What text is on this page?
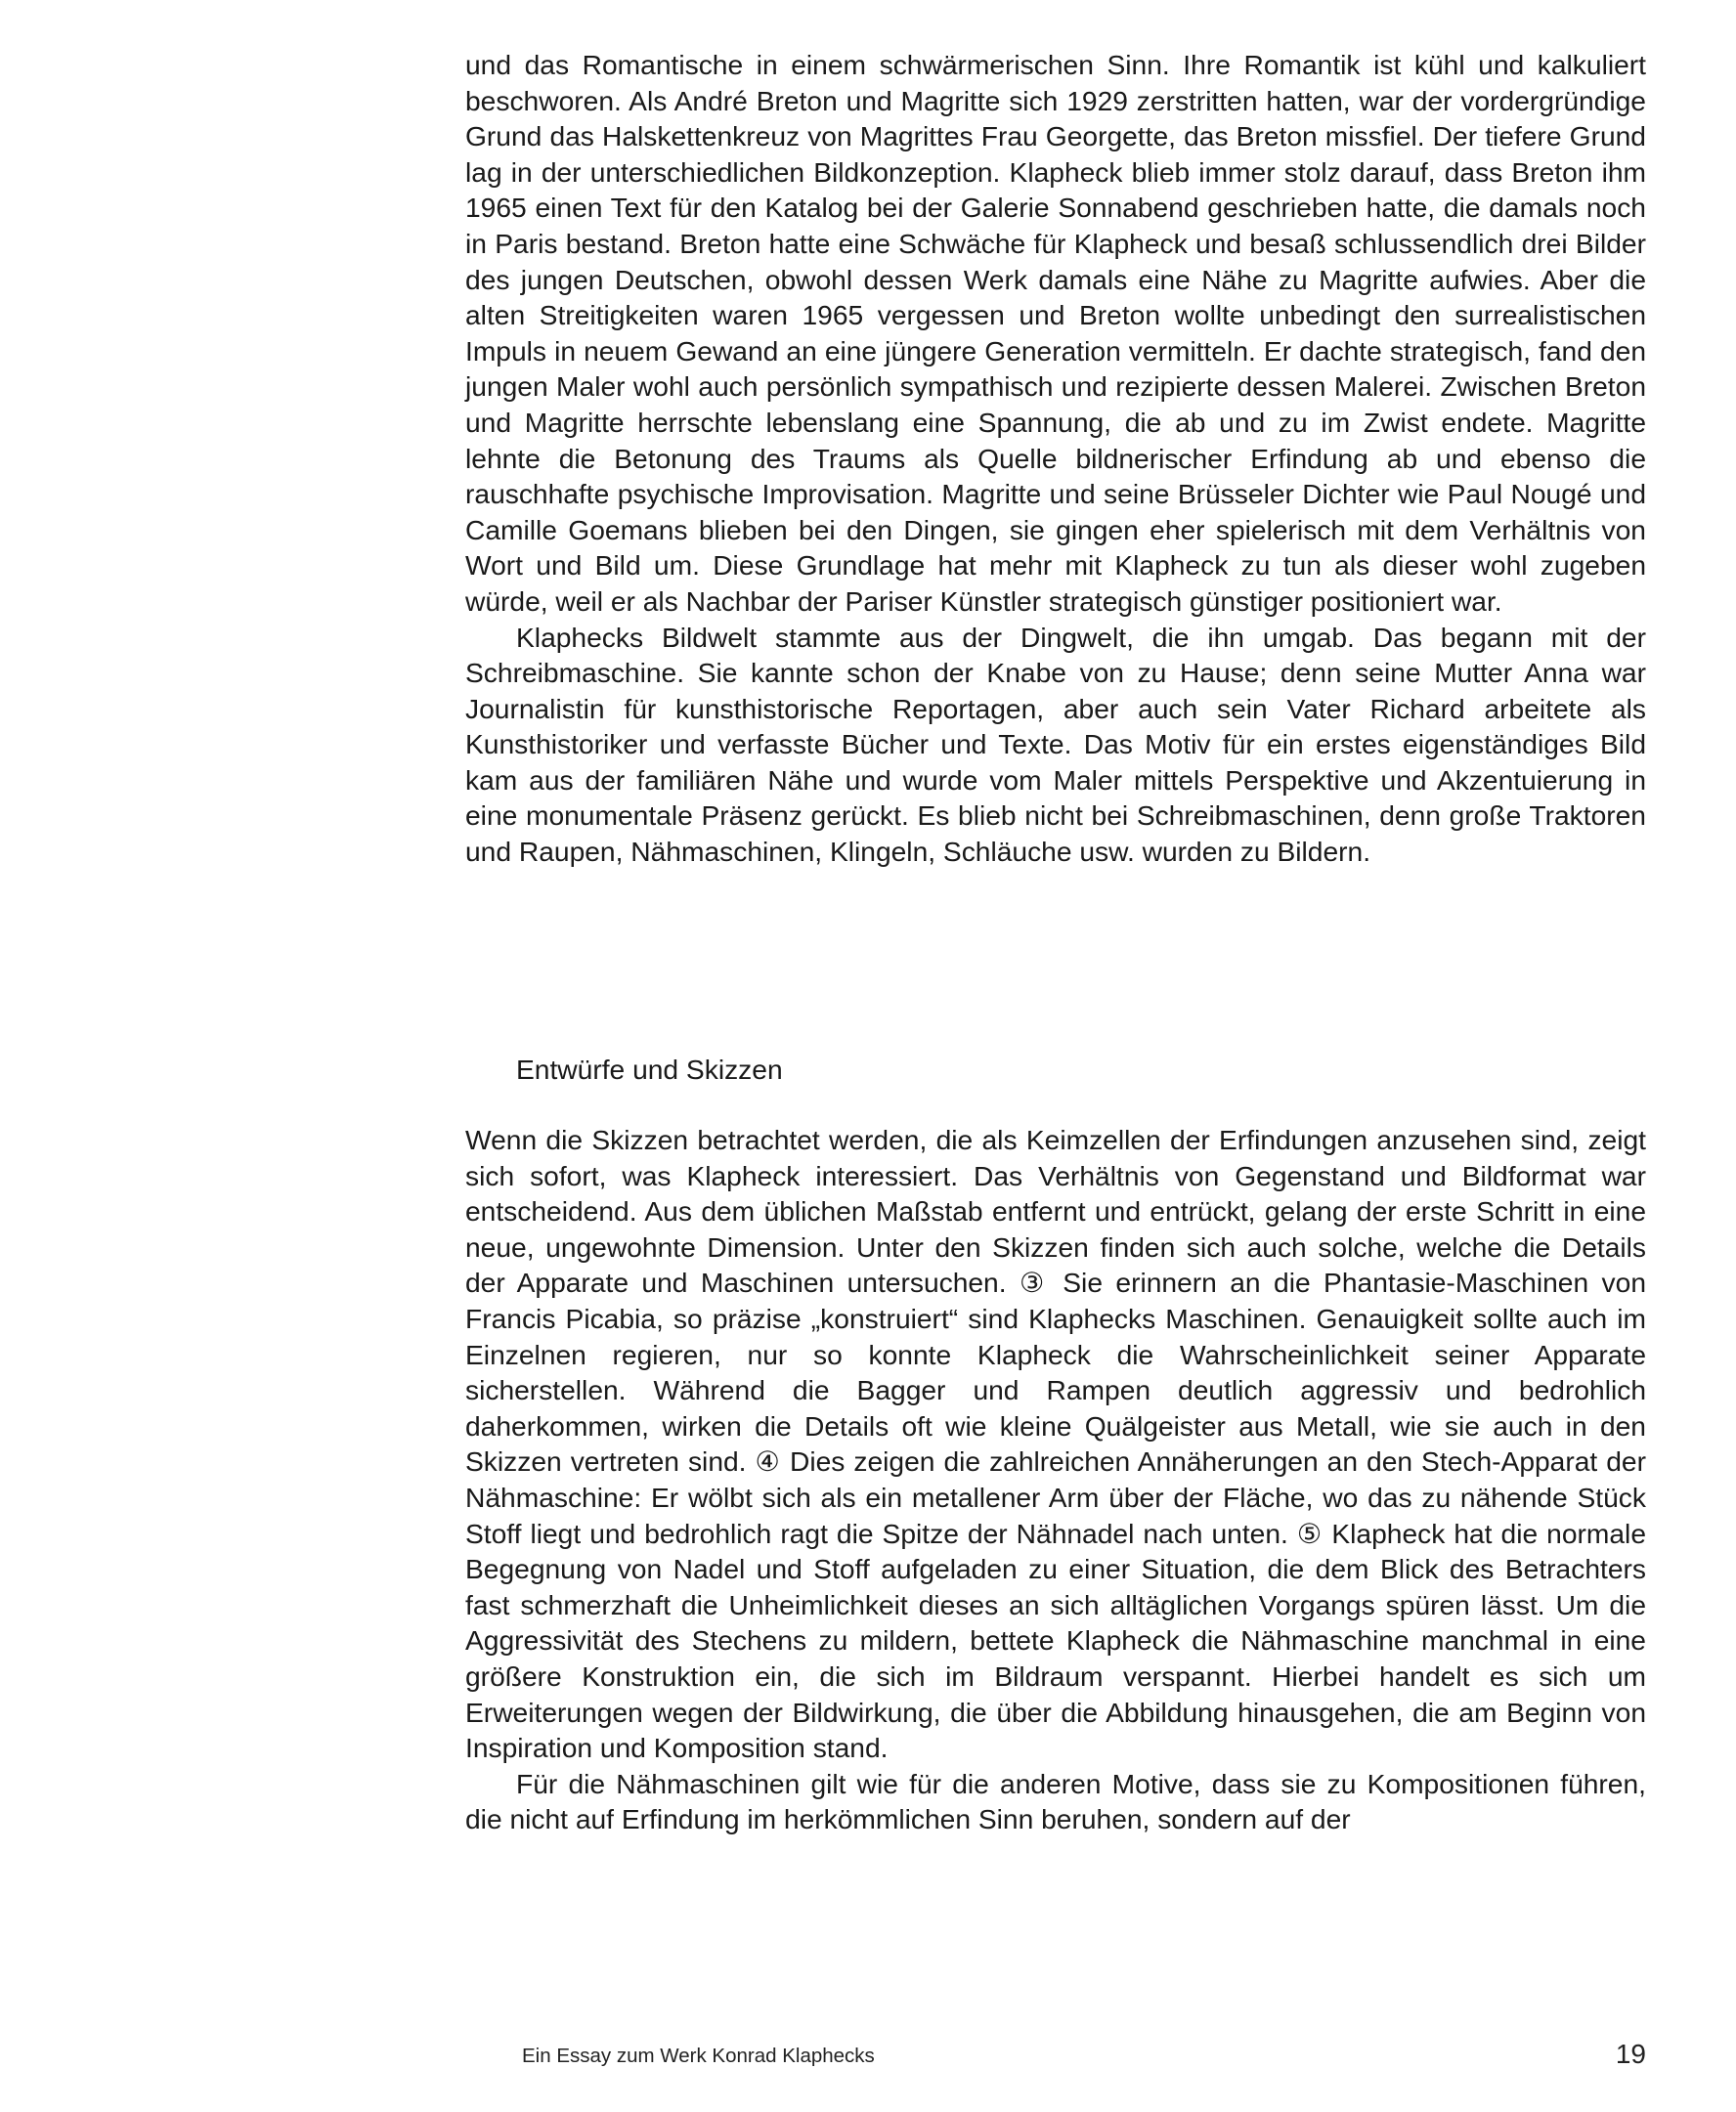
und das Romantische in einem schwärmerischen Sinn. Ihre Romantik ist kühl und kalkuliert beschworen. Als André Breton und Magritte sich 1929 zerstritten hatten, war der vordergründige Grund das Halskettenkreuz von Magrittes Frau Georgette, das Breton missfiel. Der tiefere Grund lag in der unterschiedlichen Bildkonzeption. Klapheck blieb immer stolz darauf, dass Breton ihm 1965 einen Text für den Katalog bei der Galerie Sonnabend geschrieben hatte, die damals noch in Paris bestand. Breton hatte eine Schwäche für Klapheck und besaß schlussendlich drei Bilder des jungen Deutschen, obwohl dessen Werk damals eine Nähe zu Magritte aufwies. Aber die alten Streitigkeiten waren 1965 vergessen und Breton wollte unbedingt den surrealistischen Impuls in neuem Gewand an eine jüngere Generation vermitteln. Er dachte strategisch, fand den jungen Maler wohl auch persönlich sympathisch und rezipierte dessen Malerei. Zwischen Breton und Magritte herrschte lebenslang eine Spannung, die ab und zu im Zwist endete. Magritte lehnte die Betonung des Traums als Quelle bildnerischer Erfindung ab und ebenso die rauschhafte psychische Improvisation. Magritte und seine Brüsseler Dichter wie Paul Nougé und Camille Goemans blieben bei den Dingen, sie gingen eher spielerisch mit dem Verhältnis von Wort und Bild um. Diese Grundlage hat mehr mit Klapheck zu tun als dieser wohl zugeben würde, weil er als Nachbar der Pariser Künstler strategisch günstiger positioniert war.

Klaphecks Bildwelt stammte aus der Dingwelt, die ihn umgab. Das begann mit der Schreibmaschine. Sie kannte schon der Knabe von zu Hause; denn seine Mutter Anna war Journalistin für kunsthistorische Reportagen, aber auch sein Vater Richard arbeitete als Kunsthistoriker und verfasste Bücher und Texte. Das Motiv für ein erstes eigenständiges Bild kam aus der familiären Nähe und wurde vom Maler mittels Perspektive und Akzentuierung in eine monumentale Präsenz gerückt. Es blieb nicht bei Schreibmaschinen, denn große Traktoren und Raupen, Nähmaschinen, Klingeln, Schläuche usw. wurden zu Bildern.

Entwürfe und Skizzen

Wenn die Skizzen betrachtet werden, die als Keimzellen der Erfindungen anzusehen sind, zeigt sich sofort, was Klapheck interessiert. Das Verhältnis von Gegenstand und Bildformat war entscheidend. Aus dem üblichen Maßstab entfernt und entrückt, gelang der erste Schritt in eine neue, ungewohnte Dimension. Unter den Skizzen finden sich auch solche, welche die Details der Apparate und Maschinen untersuchen. ③ Sie erinnern an die Phantasie-Maschinen von Francis Picabia, so präzise „konstruiert“ sind Klaphecks Maschinen. Genauigkeit sollte auch im Einzelnen regieren, nur so konnte Klapheck die Wahrscheinlichkeit seiner Apparate sicherstellen. Während die Bagger und Rampen deutlich aggressiv und bedrohlich daherkommen, wirken die Details oft wie kleine Quälgeister aus Metall, wie sie auch in den Skizzen vertreten sind. ④ Dies zeigen die zahlreichen Annäherungen an den Stech-Apparat der Nähmaschine: Er wölbt sich als ein metallener Arm über der Fläche, wo das zu nähende Stück Stoff liegt und bedrohlich ragt die Spitze der Nähnadel nach unten. ⑤ Klapheck hat die normale Begegnung von Nadel und Stoff aufgeladen zu einer Situation, die dem Blick des Betrachters fast schmerzhaft die Unheimlichkeit dieses an sich alltäglichen Vorgangs spüren lässt. Um die Aggressivität des Stechens zu mildern, bettete Klapheck die Nähmaschine manchmal in eine größere Konstruktion ein, die sich im Bildraum verspannt. Hierbei handelt es sich um Erweiterungen wegen der Bildwirkung, die über die Abbildung hinausgehen, die am Beginn von Inspiration und Komposition stand.

Für die Nähmaschinen gilt wie für die anderen Motive, dass sie zu Kompositionen führen, die nicht auf Erfindung im herkömmlichen Sinn beruhen, sondern auf der

Ein Essay zum Werk Konrad Klaphecks	19
